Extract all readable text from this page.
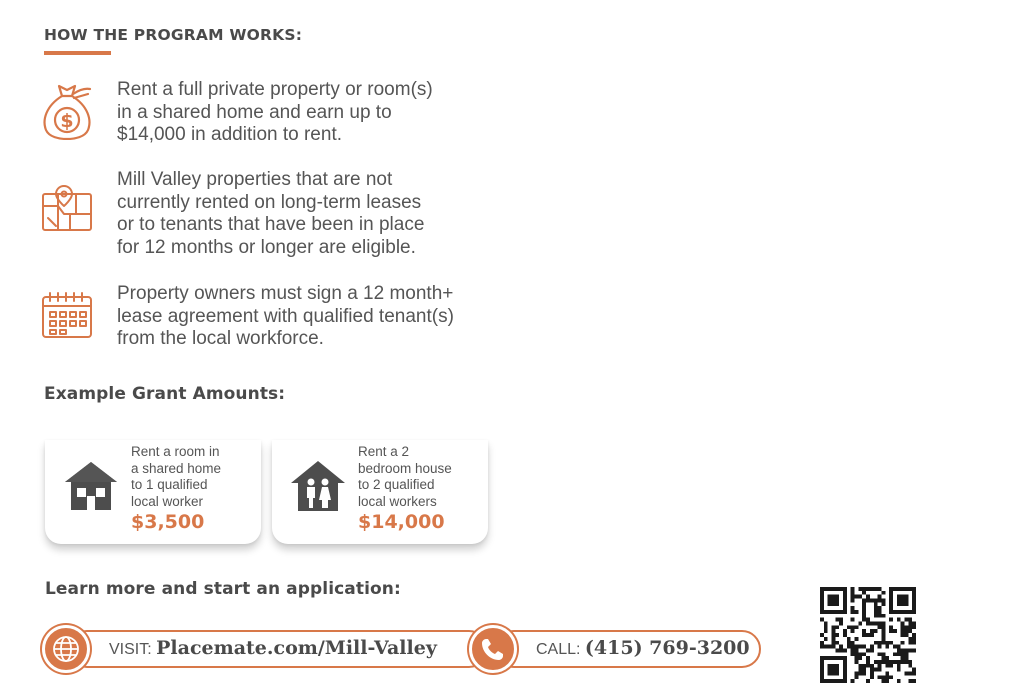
HOW THE PROGRAM WORKS:
$
Rent a full private property or room(s)
in a shared home and earn up to
$14,000 in addition to rent.
Mill Valley properties that are not
currently rented on long-term leases
or to tenants that have been in place
for 12 months or longer are eligible.
Property owners must sign a 12 month+
lease agreement with qualified tenant(s)
from the local workforce.
Example Grant Amounts:
Rent a room in
a shared home
to 1 qualified
local worker
$3,500
Rent a 2
bedroom house
to 2 qualified
local workers
$14,000
Learn more and start an application:
VISIT: Placemate.com/Mill-Valley	CALL: (415) 769-3200
